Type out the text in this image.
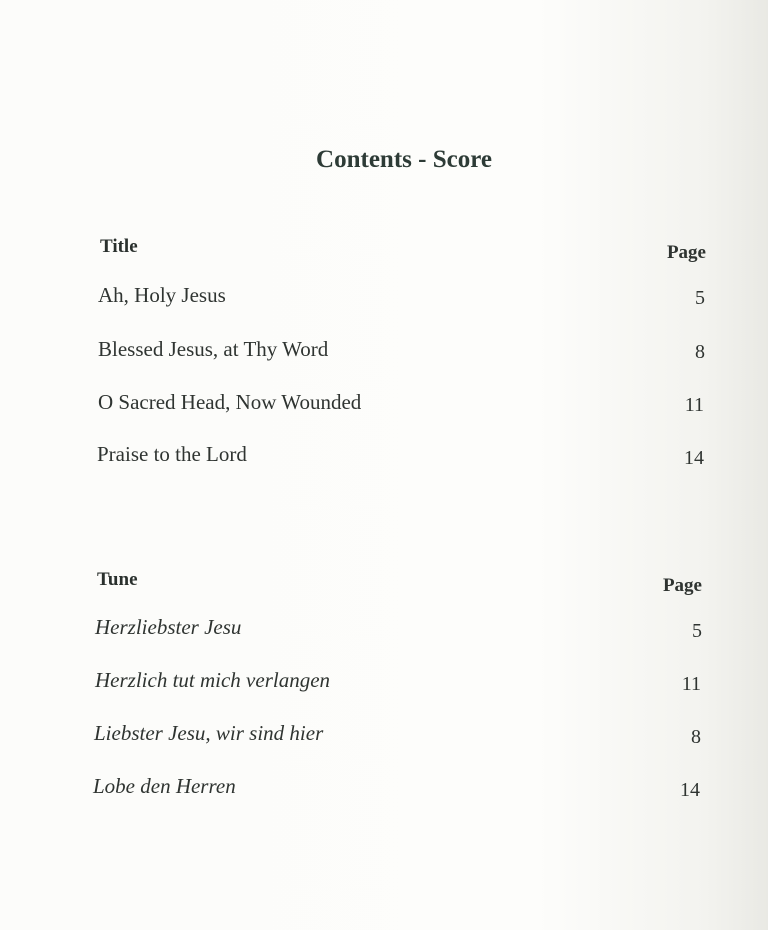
Contents - Score
Title	Page
Ah, Holy Jesus	5
Blessed Jesus, at Thy Word	8
O Sacred Head, Now Wounded	11
Praise to the Lord	14
Tune	Page
Herzliebster Jesu	5
Herzlich tut mich verlangen	11
Liebster Jesu, wir sind hier	8
Lobe den Herren	14
